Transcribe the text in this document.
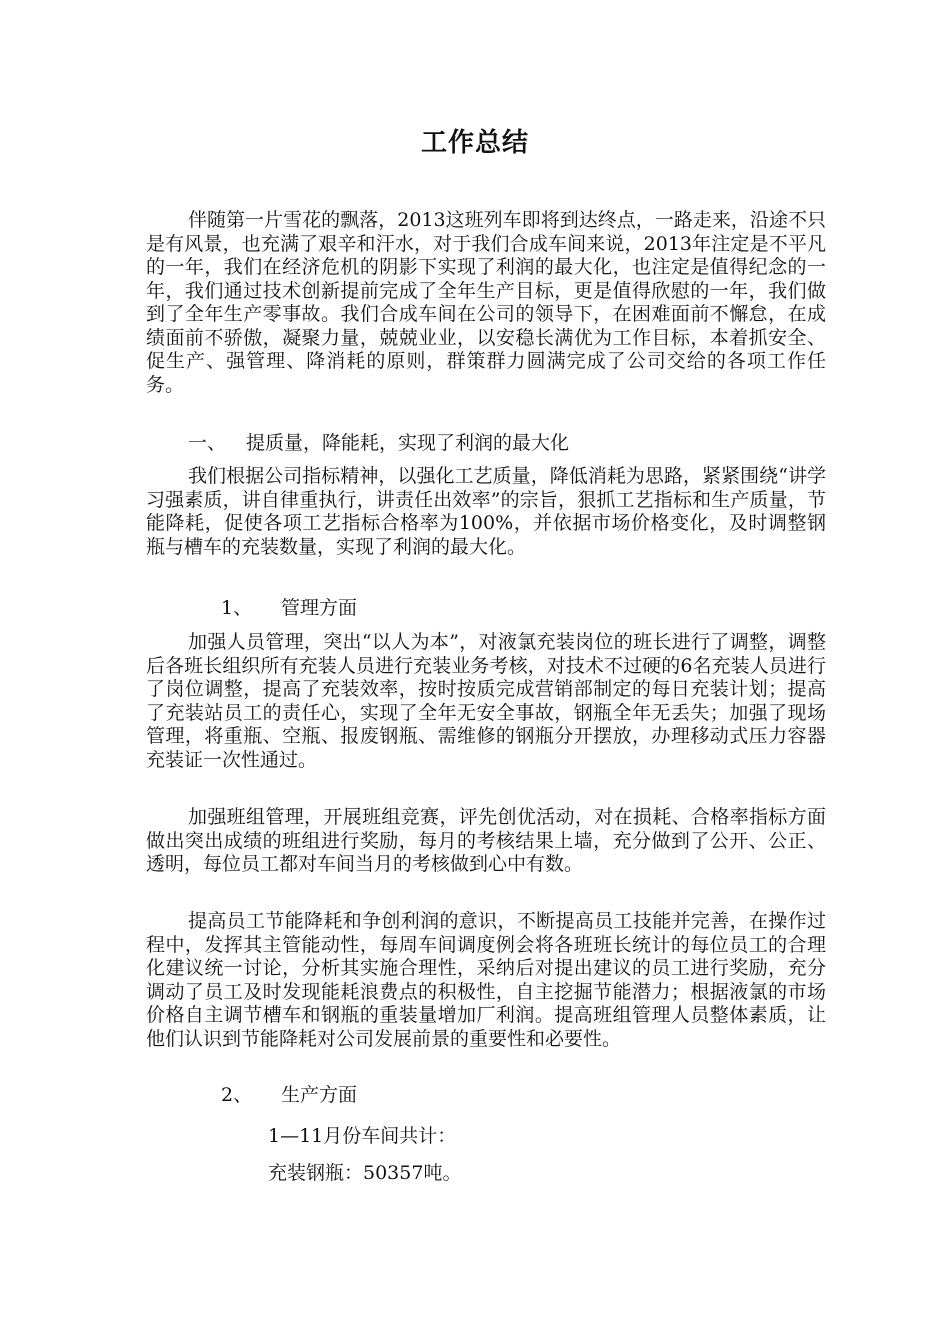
工作总结

伴随第一片雪花的飘落，2013这班列车即将到达终点，一路走来，沿途不只是有风景，也充满了艰辛和汗水，对于我们合成车间来说，2013年注定是不平凡的一年，我们在经济危机的阴影下实现了利润的最大化，也注定是值得纪念的一年，我们通过技术创新提前完成了全年生产目标，更是值得欣慰的一年，我们做到了全年生产零事故。我们合成车间在公司的领导下，在困难面前不懈怠，在成绩面前不骄傲，凝聚力量，兢兢业业，以安稳长满优为工作目标，本着抓安全、促生产、强管理、降消耗的原则，群策群力圆满完成了公司交给的各项工作任务。

一、 提质量，降能耗，实现了利润的最大化

我们根据公司指标精神，以强化工艺质量，降低消耗为思路，紧紧围绕“讲学习强素质，讲自律重执行，讲责任出效率”的宗旨，狠抓工艺指标和生产质量，节能降耗，促使各项工艺指标合格率为100%，并依据市场价格变化，及时调整钢瓶与槽车的充装数量，实现了利润的最大化。

1、 管理方面

加强人员管理，突出“以人为本”，对液氯充装岗位的班长进行了调整，调整后各班长组织所有充装人员进行充装业务考核，对技术不过硬的6名充装人员进行了岗位调整，提高了充装效率，按时按质完成营销部制定的每日充装计划；提高了充装站员工的责任心，实现了全年无安全事故，钢瓶全年无丢失；加强了现场管理，将重瓶、空瓶、报废钢瓶、需维修的钢瓶分开摆放，办理移动式压力容器充装证一次性通过。

加强班组管理，开展班组竞赛，评先创优活动，对在损耗、合格率指标方面做出突出成绩的班组进行奖励，每月的考核结果上墙，充分做到了公开、公正、透明，每位员工都对车间当月的考核做到心中有数。

提高员工节能降耗和争创利润的意识，不断提高员工技能并完善，在操作过程中，发挥其主管能动性，每周车间调度例会将各班班长统计的每位员工的合理化建议统一讨论，分析其实施合理性，采纳后对提出建议的员工进行奖励，充分调动了员工及时发现能耗浪费点的积极性，自主挖掘节能潜力；根据液氯的市场价格自主调节槽车和钢瓶的重装量增加厂利润。提高班组管理人员整体素质，让他们认识到节能降耗对公司发展前景的重要性和必要性。

2、 生产方面
1—11月份车间共计：
充装钢瓶：50357吨。
